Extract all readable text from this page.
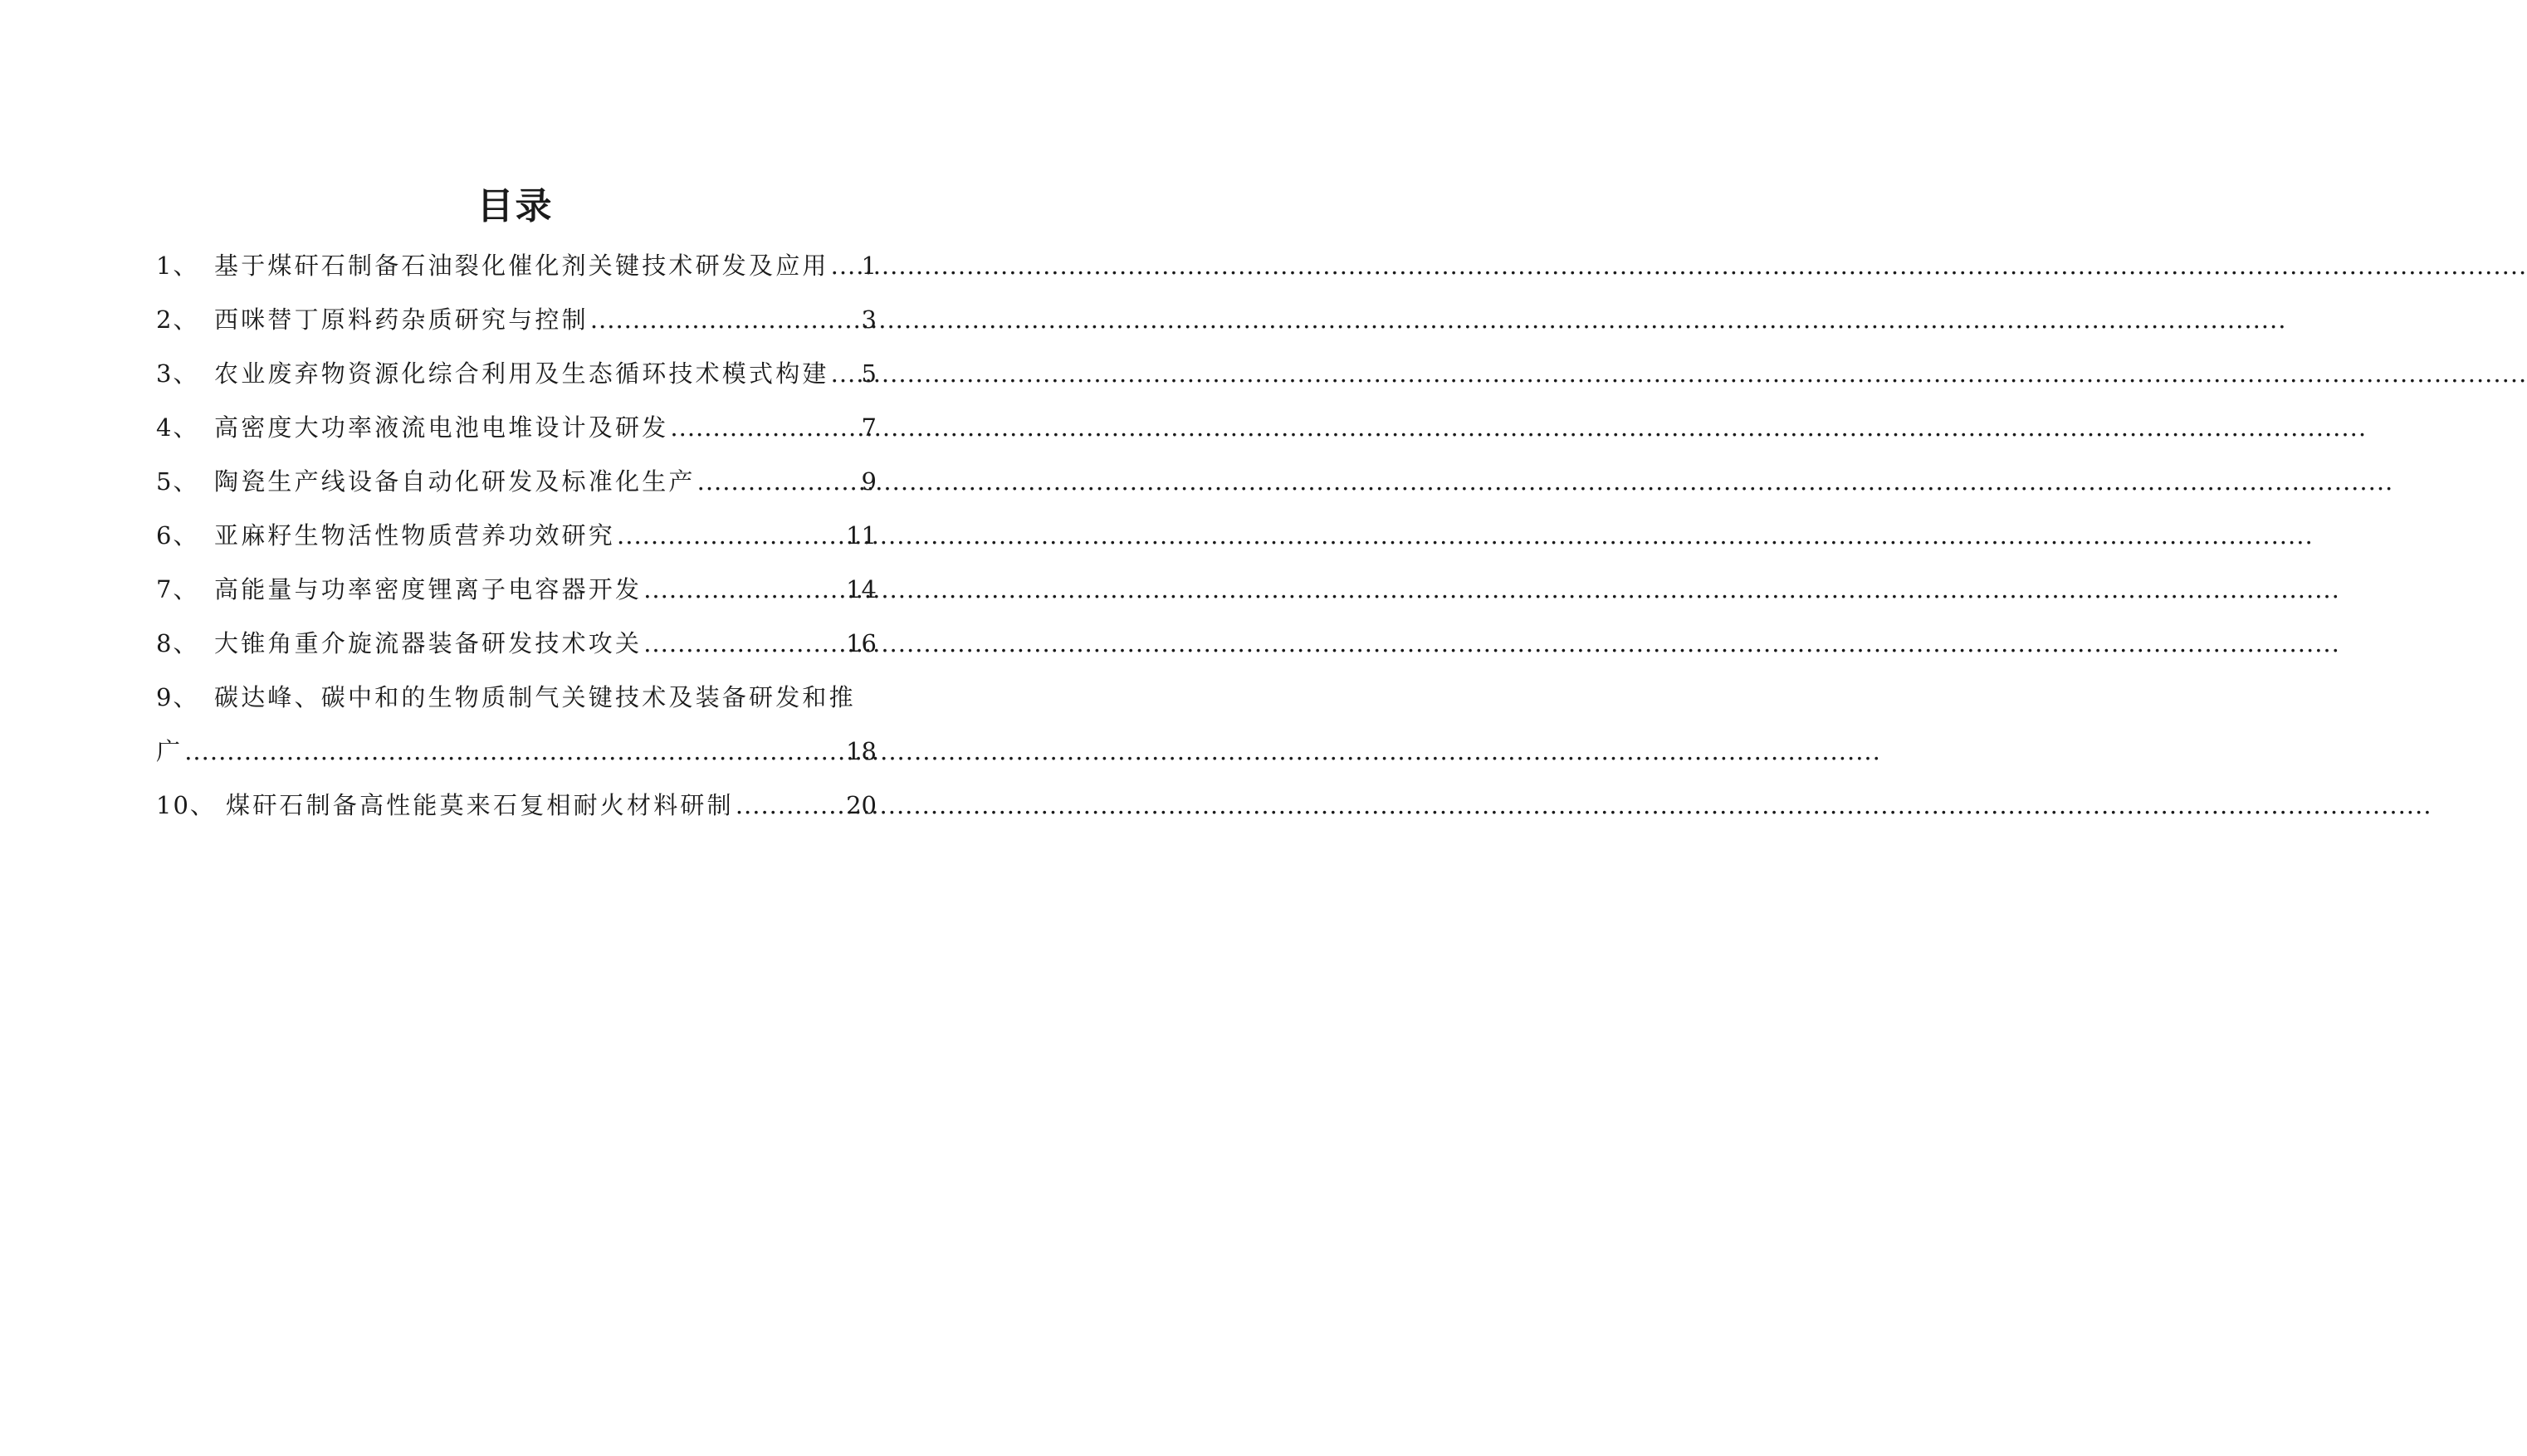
目录
1、 基于煤矸石制备石油裂化催化剂关键技术研发及应用 ..... 1
2、 西咪替丁原料药杂质研究与控制 .....	3
3、 农业废弃物资源化综合利用及生态循环技术模式构建 ..... 5
4、 高密度大功率液流电池电堆设计及研发 .....	7
5、 陶瓷生产线设备自动化研发及标准化生产 .....	9
6、 亚麻籽生物活性物质营养功效研究 .....	11
7、 高能量与功率密度锂离子电容器开发 .....	14
8、 大锥角重介旋流器装备研发技术攻关 .....	16
9、 碳达峰、碳中和的生物质制气关键技术及装备研发和推
广 .....	18
10、 煤矸石制备高性能莫来石复相耐火材料研制 .....	20
